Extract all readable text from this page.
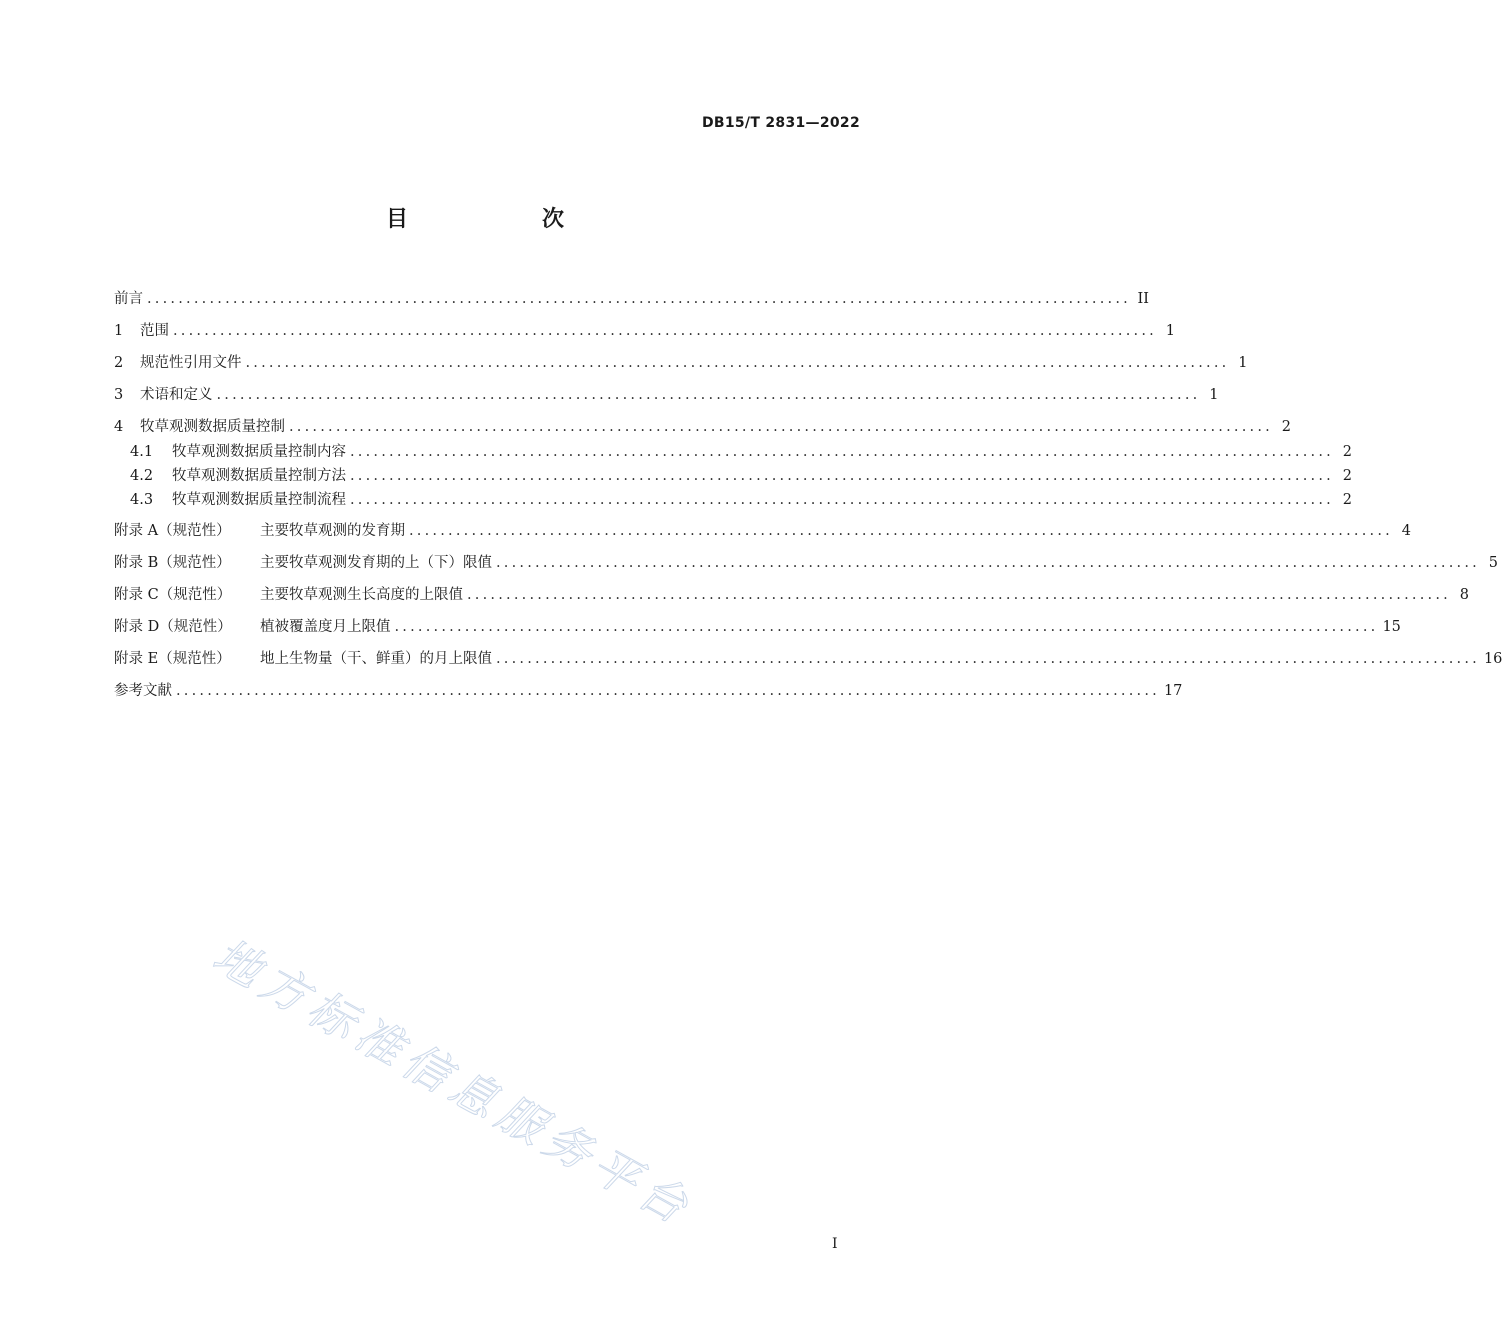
DB15/T 2831—2022
目　次
前言 .............................................................................................................................. II
1	范围 .............................................................................................................................. 1
2	规范性引用文件 .............................................................................................................................. 1
3	术语和定义 .............................................................................................................................. 1
4	牧草观测数据质量控制 .............................................................................................................................. 2
4.1	牧草观测数据质量控制内容 .............................................................................................................................. 2
4.2	牧草观测数据质量控制方法 .............................................................................................................................. 2
4.3	牧草观测数据质量控制流程 .............................................................................................................................. 2
附录 A（规范性）	主要牧草观测的发育期 .............................................................................................................................. 4
附录 B（规范性）	主要牧草观测发育期的上（下）限值 .............................................................................................................................. 5
附录 C（规范性）	主要牧草观测生长高度的上限值 .............................................................................................................................. 8
附录 D（规范性）	植被覆盖度月上限值 .............................................................................................................................. 15
附录 E（规范性）	地上生物量（干、鲜重）的月上限值 .............................................................................................................................. 16
参考文献 .............................................................................................................................. 17
地方标准信息服务平台
I
